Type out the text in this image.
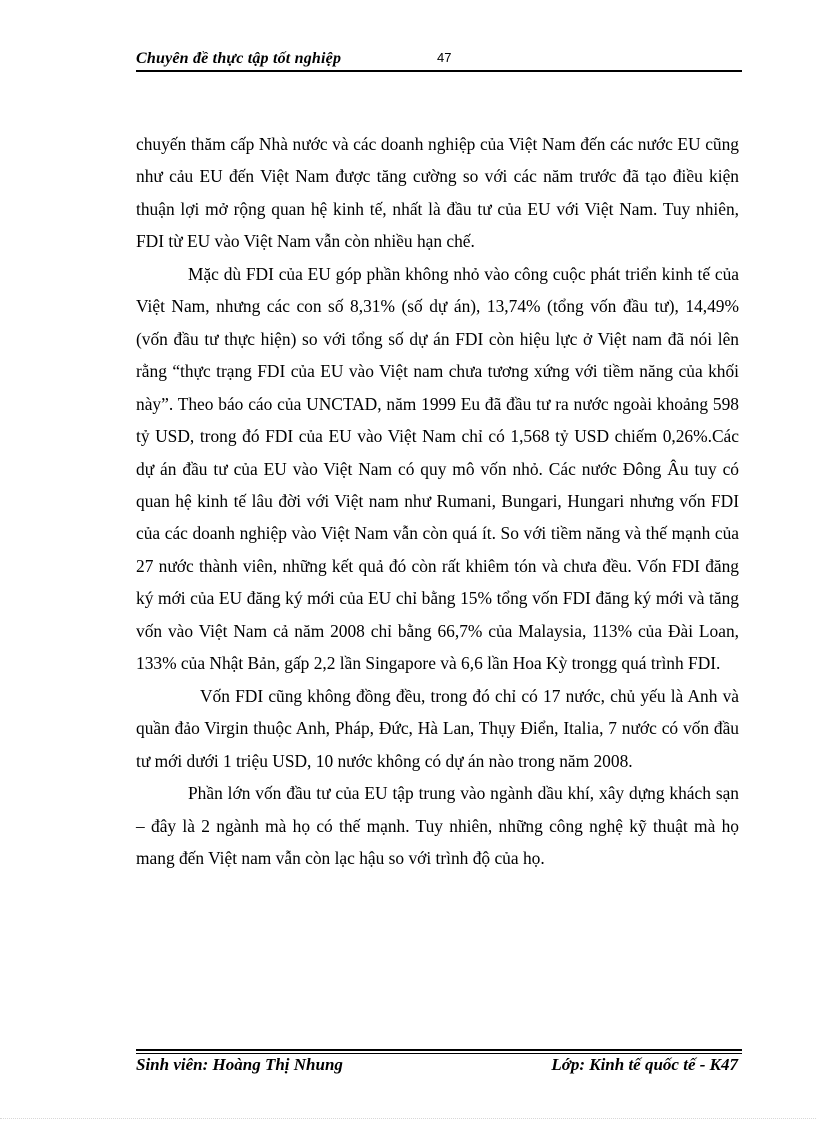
Chuyên đề thực tập tốt nghiệp	47

chuyến thăm cấp Nhà nước và các doanh nghiệp của Việt Nam đến các nước EU cũng như cảu EU đến Việt Nam được tăng cường so với các năm trước đã tạo điều kiện thuận lợi mở rộng quan hệ kinh tế, nhất là đầu tư của EU với Việt Nam. Tuy nhiên, FDI từ EU vào Việt Nam vẫn còn nhiều hạn chế.

Mặc dù FDI của EU góp phần không nhỏ vào công cuộc phát triển kinh tế của Việt Nam, nhưng các con số 8,31% (số dự án), 13,74% (tổng vốn đầu tư), 14,49% (vốn đầu tư thực hiện) so với tổng số dự án FDI còn hiệu lực ở Việt nam đã nói lên rằng “thực trạng FDI của EU vào Việt nam chưa tương xứng với tiềm năng của khối này”. Theo báo cáo của UNCTAD, năm 1999 Eu đã đầu tư ra nước ngoài khoảng 598 tỷ USD, trong đó FDI của EU vào Việt Nam chỉ có 1,568 tỷ USD chiếm 0,26%.Các dự án đầu tư của EU vào Việt Nam có quy mô vốn nhỏ. Các nước Đông Âu tuy có quan hệ kinh tế lâu đời với Việt nam như Rumani, Bungari, Hungari nhưng vốn FDI của các doanh nghiệp vào Việt Nam vẫn còn quá ít. So với tiềm năng và thế mạnh của 27 nước thành viên, những kết quả đó còn rất khiêm tón và chưa đều. Vốn FDI đăng ký mới của EU đăng ký mới của EU chỉ bằng 15% tổng vốn FDI đăng ký mới và tăng vốn vào Việt Nam cả năm 2008 chỉ bằng 66,7% của Malaysia, 113% của Đài Loan, 133% của Nhật Bản, gấp 2,2 lần Singapore và 6,6 lần Hoa Kỳ trongg quá trình FDI.

Vốn FDI cũng không đồng đều, trong đó chỉ có 17 nước, chủ yếu là Anh và quần đảo Virgin thuộc Anh, Pháp, Đức, Hà Lan, Thụy Điển, Italia, 7 nước có vốn đầu tư mới dưới 1 triệu USD, 10 nước không có dự án nào trong năm 2008.

Phần lớn vốn đầu tư của EU tập trung vào ngành dầu khí, xây dựng khách sạn – đây là 2 ngành mà họ có thế mạnh. Tuy nhiên, những công nghệ kỹ thuật mà họ mang đến Việt nam vẫn còn lạc hậu so với trình độ của họ.

Sinh viên: Hoàng Thị Nhung	Lớp: Kinh tế quốc tế - K47
